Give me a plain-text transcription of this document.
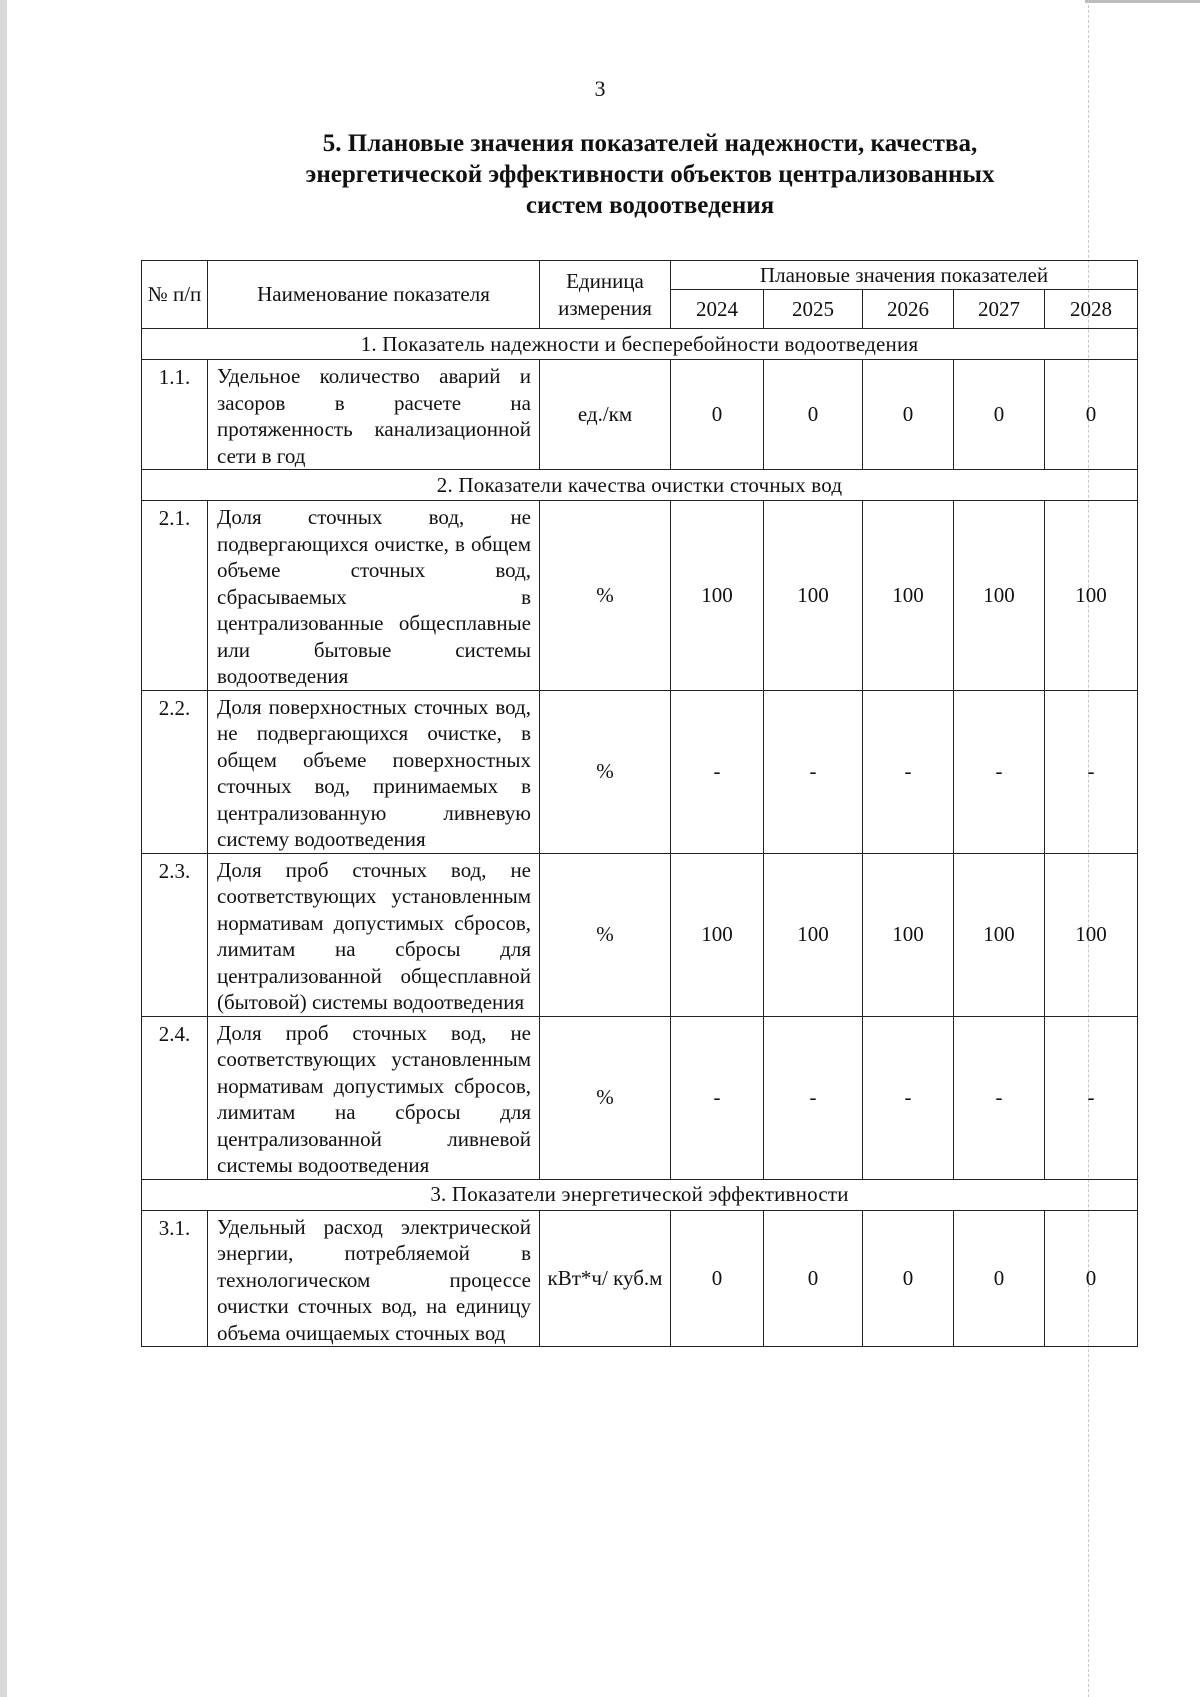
3
5. Плановые значения показателей надежности, качества,
энергетической эффективности объектов централизованных
систем водоотведения
№ п/п	Наименование показателя	Единица измерения	Плановые значения показателей				
			2024	2025	2026	2027	2028
1. Показатель надежности и бесперебойности водоотведения							
1.1.	Удельное количество аварий и засоров в расчете на протяженность канализационной сети в год	ед./км	0	0	0	0	0
2. Показатели качества очистки сточных вод							
2.1.	Доля сточных вод, не подвергающихся очистке, в общем объеме сточных вод, сбрасываемых в централизованные общесплавные или бытовые системы водоотведения	%	100	100	100	100	100
2.2.	Доля поверхностных сточных вод, не подвергающихся очистке, в общем объеме поверхностных сточных вод, принимаемых в централизованную ливневую систему водоотведения	%	-	-	-	-	-
2.3.	Доля проб сточных вод, не соответствующих установленным нормативам допустимых сбросов, лимитам на сбросы для централизованной общесплавной (бытовой) системы водоотведения	%	100	100	100	100	100
2.4.	Доля проб сточных вод, не соответствующих установленным нормативам допустимых сбросов, лимитам на сбросы для централизованной ливневой системы водоотведения	%	-	-	-	-	-
3. Показатели энергетической эффективности							
3.1.	Удельный расход электрической энергии, потребляемой в технологическом процессе очистки сточных вод, на единицу объема очищаемых сточных вод	кВт*ч/ куб.м	0	0	0	0	0
